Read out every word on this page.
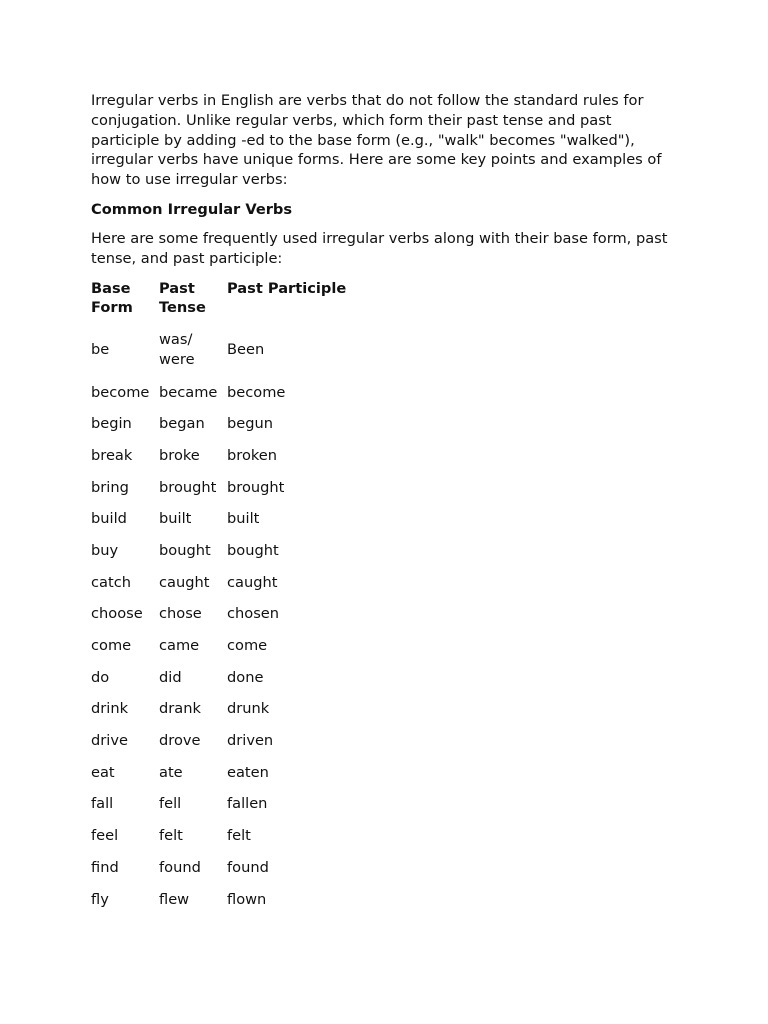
Irregular verbs in English are verbs that do not follow the standard rules for conjugation. Unlike regular verbs, which form their past tense and past participle by adding -ed to the base form (e.g., "walk" becomes "walked"), irregular verbs have unique forms. Here are some key points and examples of how to use irregular verbs:

Common Irregular Verbs

Here are some frequently used irregular verbs along with their base form, past tense, and past participle:

Base Form	Past Tense	Past Participle
be	was/ were	Been
become	became	become
begin	began	begun
break	broke	broken
bring	brought	brought
build	built	built
buy	bought	bought
catch	caught	caught
choose	chose	chosen
come	came	come
do	did	done
drink	drank	drunk
drive	drove	driven
eat	ate	eaten
fall	fell	fallen
feel	felt	felt
find	found	found
fly	flew	flown
